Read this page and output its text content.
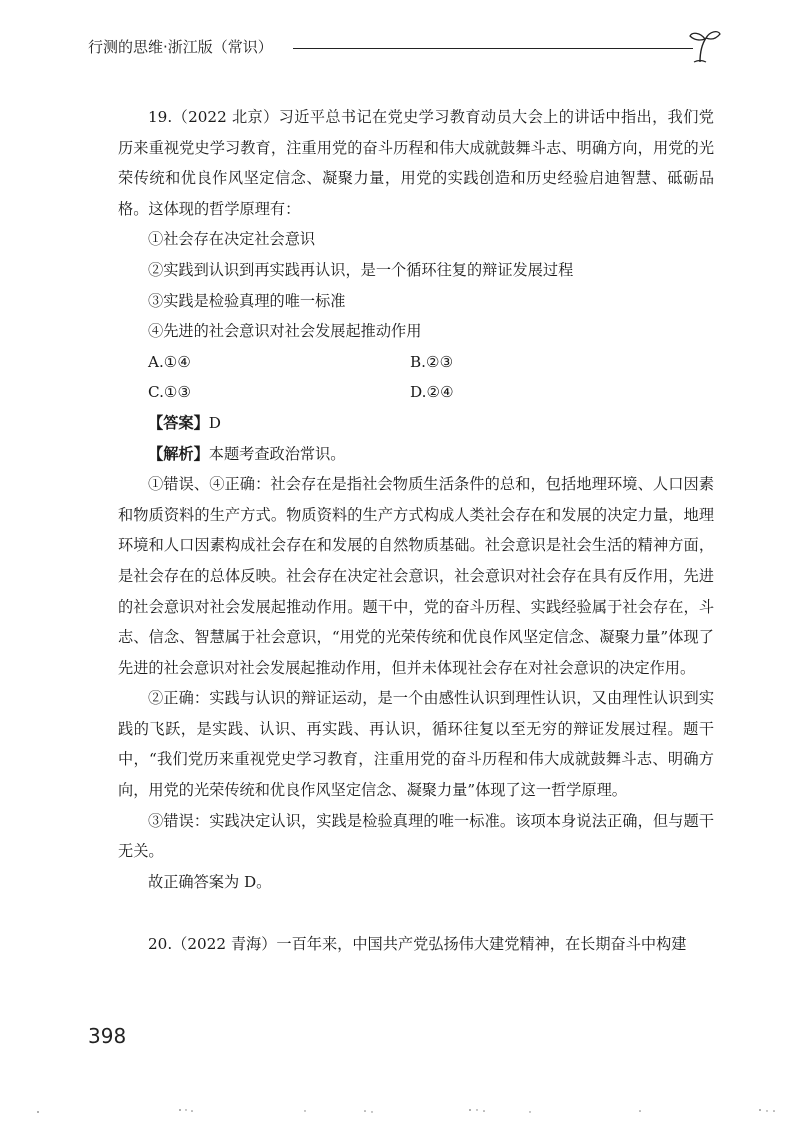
行测的思维·浙江版（常识）

19.（2022 北京）习近平总书记在党史学习教育动员大会上的讲话中指出，我们党历来重视党史学习教育，注重用党的奋斗历程和伟大成就鼓舞斗志、明确方向，用党的光荣传统和优良作风坚定信念、凝聚力量，用党的实践创造和历史经验启迪智慧、砥砺品格。这体现的哲学原理有：

①社会存在决定社会意识

②实践到认识到再实践再认识，是一个循环往复的辩证发展过程

③实践是检验真理的唯一标准

④先进的社会意识对社会发展起推动作用

A.①④	B.②③
C.①③	D.②④

【答案】D

【解析】本题考查政治常识。

①错误、④正确：社会存在是指社会物质生活条件的总和，包括地理环境、人口因素和物质资料的生产方式。物质资料的生产方式构成人类社会存在和发展的决定力量，地理环境和人口因素构成社会存在和发展的自然物质基础。社会意识是社会生活的精神方面，是社会存在的总体反映。社会存在决定社会意识，社会意识对社会存在具有反作用，先进的社会意识对社会发展起推动作用。题干中，党的奋斗历程、实践经验属于社会存在，斗志、信念、智慧属于社会意识，“用党的光荣传统和优良作风坚定信念、凝聚力量”体现了先进的社会意识对社会发展起推动作用，但并未体现社会存在对社会意识的决定作用。

②正确：实践与认识的辩证运动，是一个由感性认识到理性认识，又由理性认识到实践的飞跃，是实践、认识、再实践、再认识，循环往复以至无穷的辩证发展过程。题干中，“我们党历来重视党史学习教育，注重用党的奋斗历程和伟大成就鼓舞斗志、明确方向，用党的光荣传统和优良作风坚定信念、凝聚力量”体现了这一哲学原理。

③错误：实践决定认识，实践是检验真理的唯一标准。该项本身说法正确，但与题干无关。

故正确答案为 D。

20.（2022 青海）一百年来，中国共产党弘扬伟大建党精神，在长期奋斗中构建

398
